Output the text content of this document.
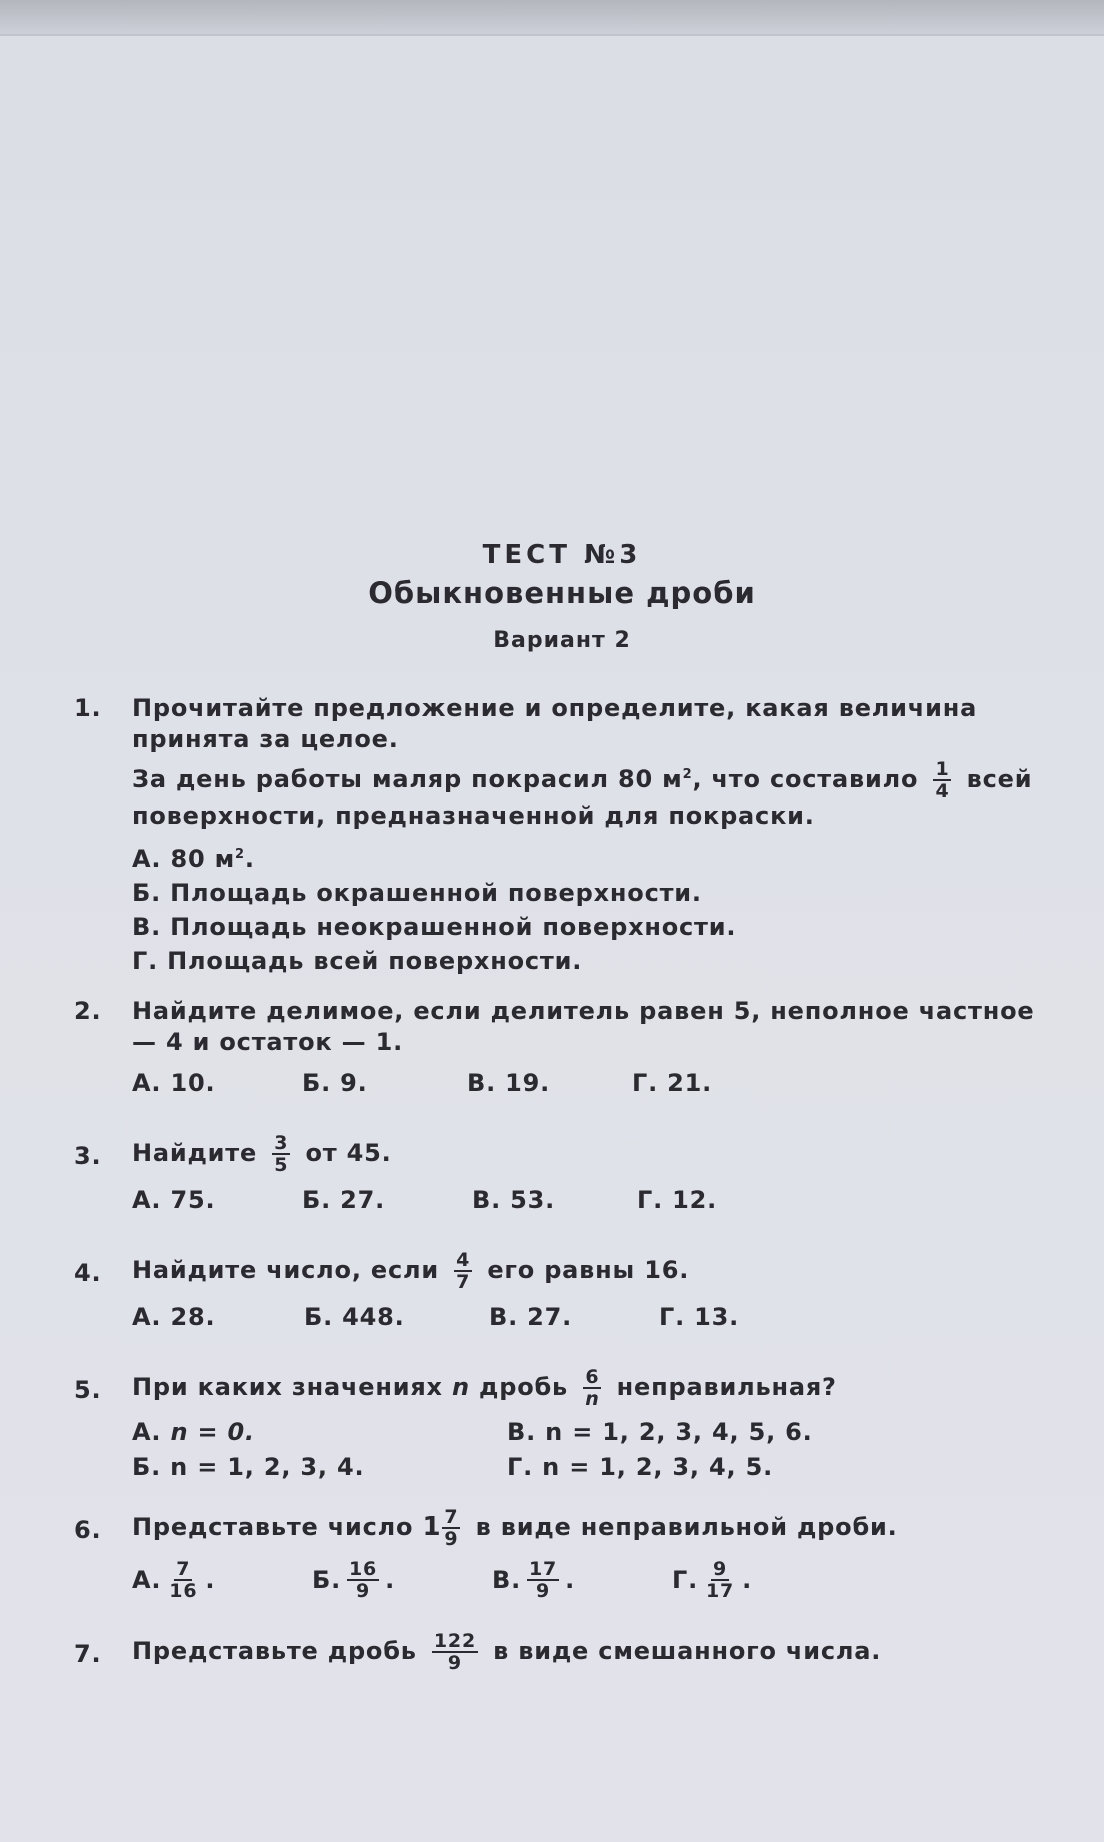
ТЕСТ №3
Обыкновенные дроби
Вариант 2
1. Прочитайте предложение и определите, какая величина принята за целое.
За день работы маляр покрасил 80 $м^2$, что составило $\frac{1}{4}$ всей поверхности, предназначенной для покраски.
А. 80 $м^2$.
Б. Площадь окрашенной поверхности.
В. Площадь неокрашенной поверхности.
Г. Площадь всей поверхности.
2. Найдите делимое, если делитель равен 5, неполное частное — 4 и остаток — 1.
А. 10.	Б. 9.	В. 19.	Г. 21.
3. Найдите $\frac{3}{5}$ от 45.
А. 75.	Б. 27.	В. 53.	Г. 12.
4. Найдите число, если $\frac{4}{7}$ его равны 16.
А. 28.	Б. 448.	В. 27.	Г. 13.
5. При каких значениях n дробь $\frac{6}{n}$ неправильная?
А. n = 0.	В. n = 1, 2, 3, 4, 5, 6.
Б. n = 1, 2, 3, 4.	Г. n = 1, 2, 3, 4, 5.
6. Представьте число $1 \frac{7}{9}$ в виде неправильной дроби.
А. $\frac{7}{16}$ .	Б. $\frac{16}{9}$ .	В. $\frac{17}{9}$ .	Г. $\frac{9}{17}$ .
7. Представьте дробь $\frac{122}{9}$ в виде смешанного числа.
